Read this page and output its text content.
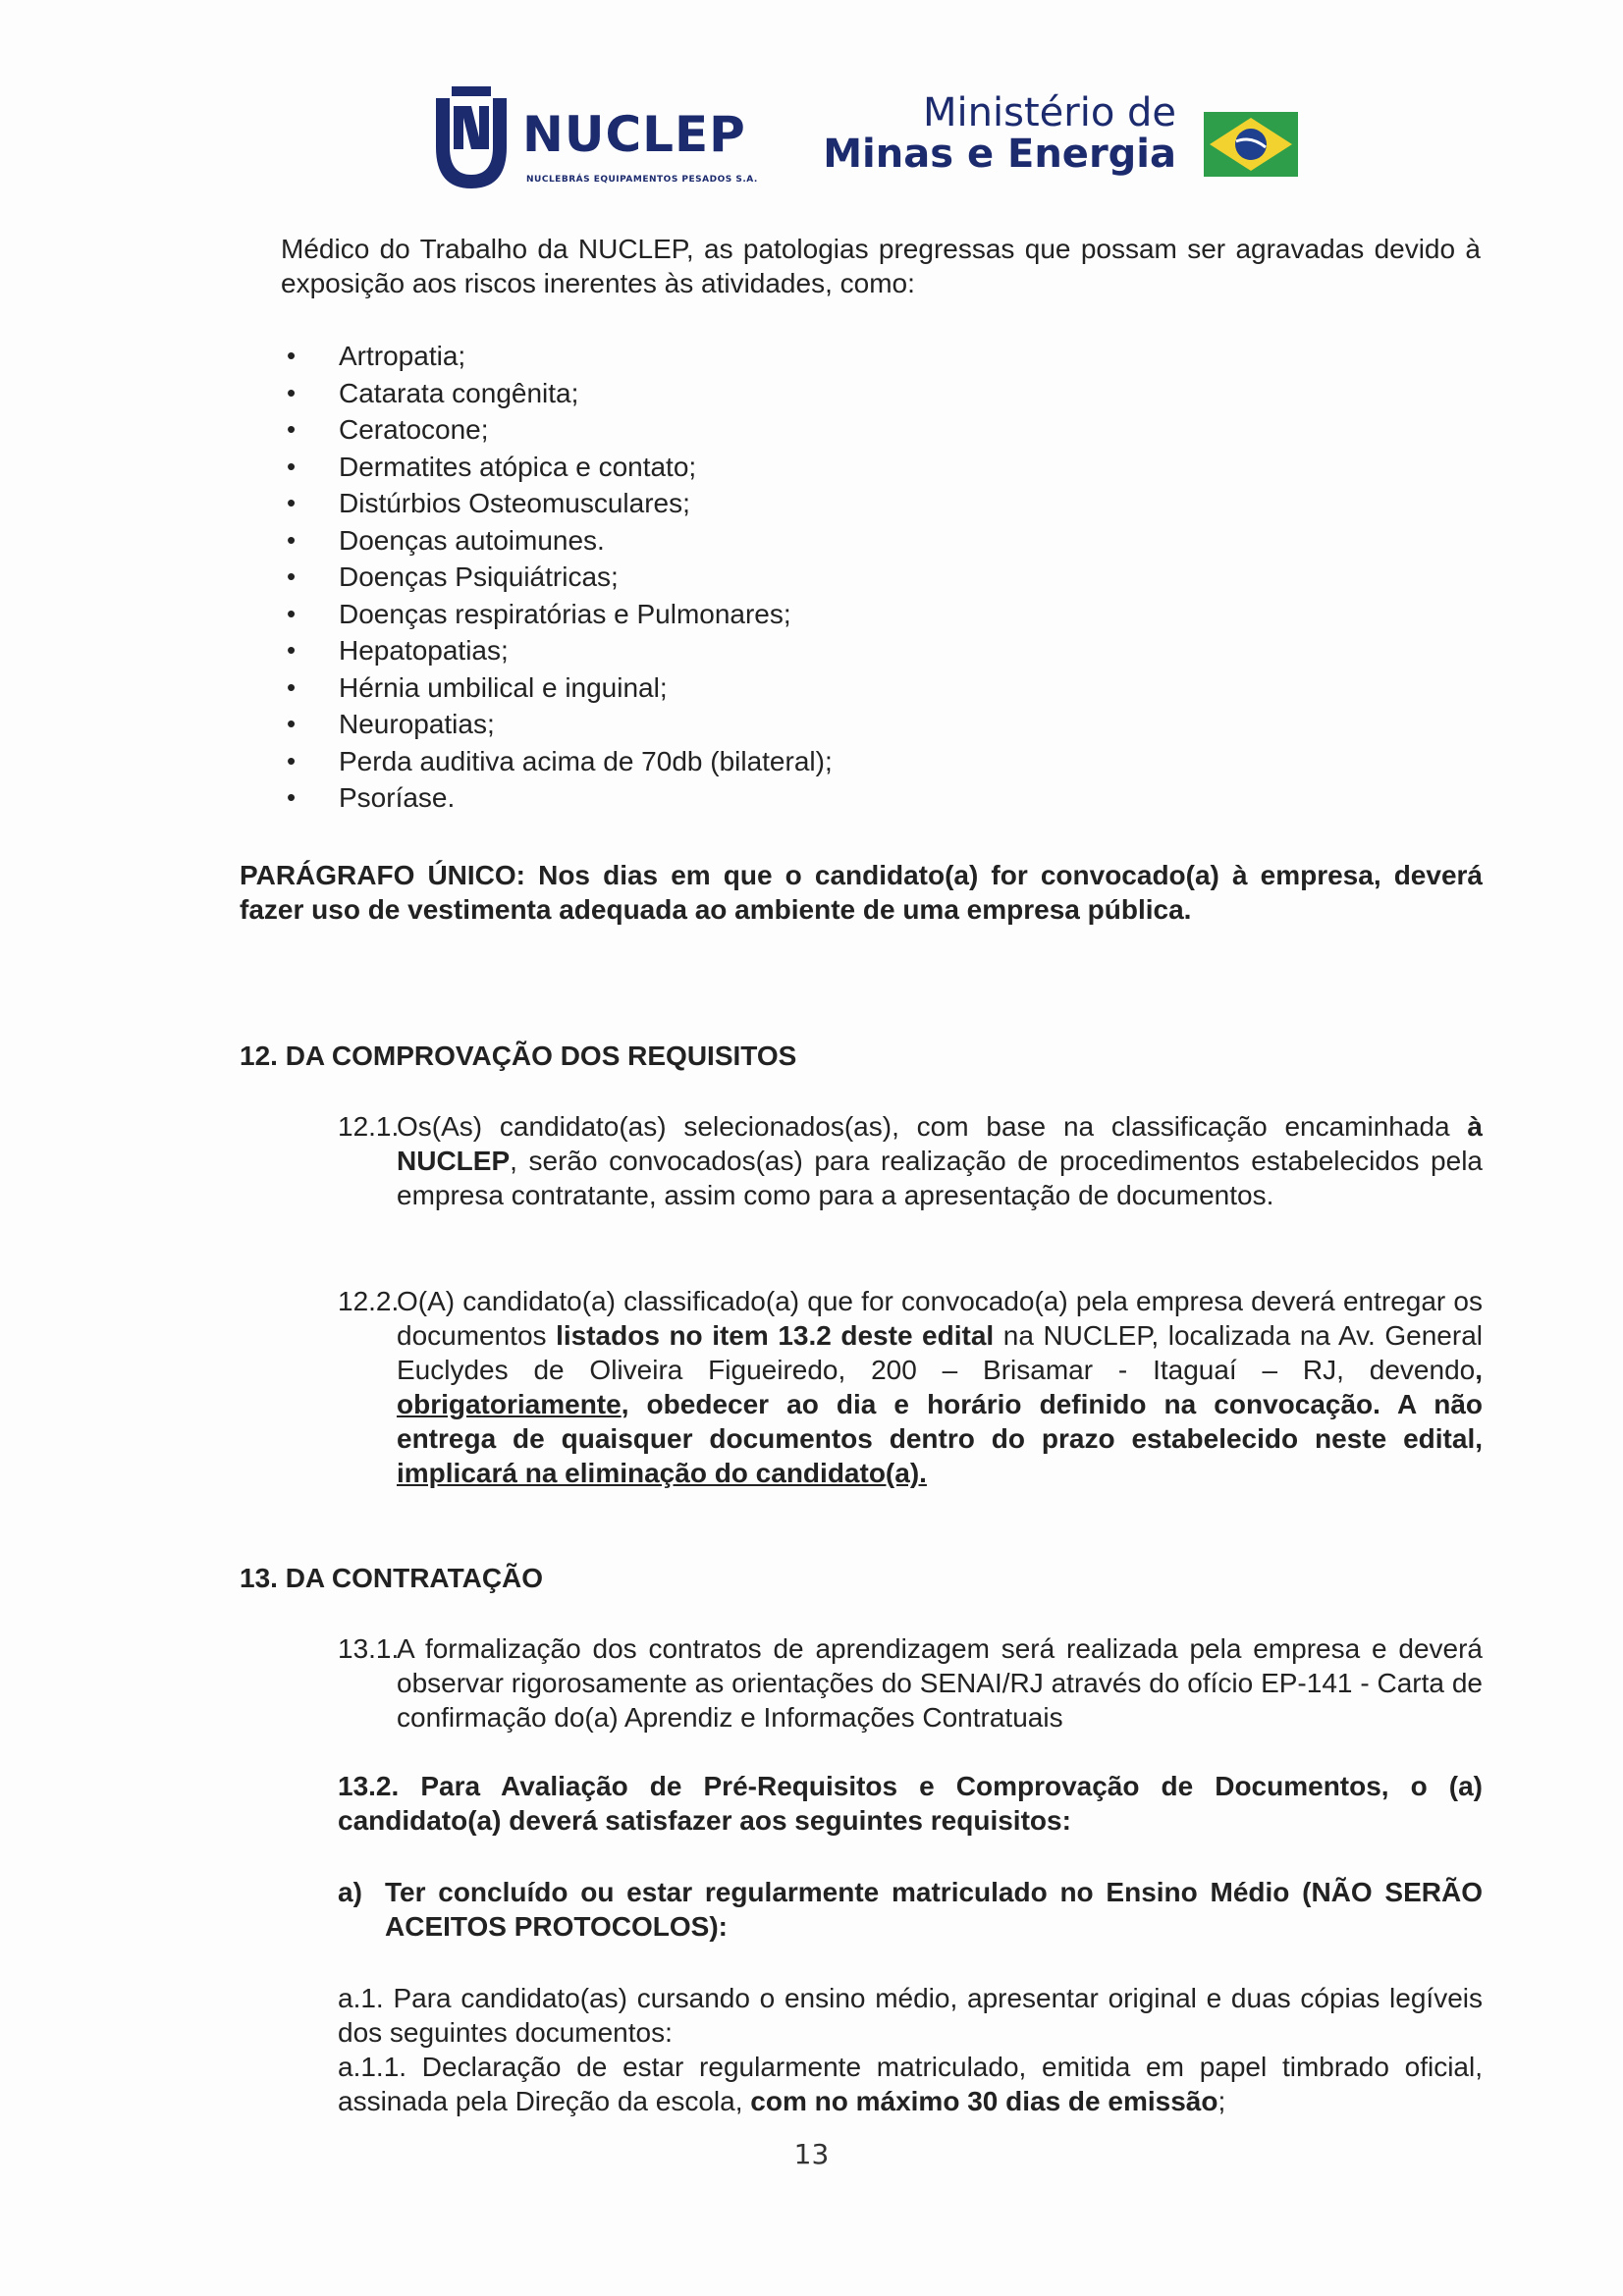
NUCLEP
NUCLEBRÁS EQUIPAMENTOS PESADOS S.A.
Ministério de
Minas e Energia
Médico do Trabalho da NUCLEP, as patologias pregressas que possam ser agravadas devido à exposição aos riscos inerentes às atividades, como:
• Artropatia;
• Catarata congênita;
• Ceratocone;
• Dermatites atópica e contato;
• Distúrbios Osteomusculares;
• Doenças autoimunes.
• Doenças Psiquiátricas;
• Doenças respiratórias e Pulmonares;
• Hepatopatias;
• Hérnia umbilical e inguinal;
• Neuropatias;
• Perda auditiva acima de 70db (bilateral);
• Psoríase.
PARÁGRAFO ÚNICO: Nos dias em que o candidato(a) for convocado(a) à empresa, deverá fazer uso de vestimenta adequada ao ambiente de uma empresa pública.
12. DA COMPROVAÇÃO DOS REQUISITOS
12.1.
Os(As) candidato(as) selecionados(as), com base na classificação encaminhada à NUCLEP, serão convocados(as) para realização de procedimentos estabelecidos pela empresa contratante, assim como para a apresentação de documentos.
12.2.
O(A) candidato(a) classificado(a) que for convocado(a) pela empresa deverá entregar os documentos listados no item 13.2 deste edital na NUCLEP, localizada na Av. General Euclydes de Oliveira Figueiredo, 200 – Brisamar - Itaguaí – RJ, devendo, obrigatoriamente, obedecer ao dia e horário definido na convocação. A não entrega de quaisquer documentos dentro do prazo estabelecido neste edital, implicará na eliminação do candidato(a).
13. DA CONTRATAÇÃO
13.1.
A formalização dos contratos de aprendizagem será realizada pela empresa e deverá observar rigorosamente as orientações do SENAI/RJ através do ofício EP-141 - Carta de confirmação do(a) Aprendiz e Informações Contratuais
13.2. Para Avaliação de Pré-Requisitos e Comprovação de Documentos, o (a) candidato(a) deverá satisfazer aos seguintes requisitos:
a) Ter concluído ou estar regularmente matriculado no Ensino Médio (NÃO SERÃO ACEITOS PROTOCOLOS):
a.1. Para candidato(as) cursando o ensino médio, apresentar original e duas cópias legíveis dos seguintes documentos:
a.1.1. Declaração de estar regularmente matriculado, emitida em papel timbrado oficial, assinada pela Direção da escola, com no máximo 30 dias de emissão;
13
